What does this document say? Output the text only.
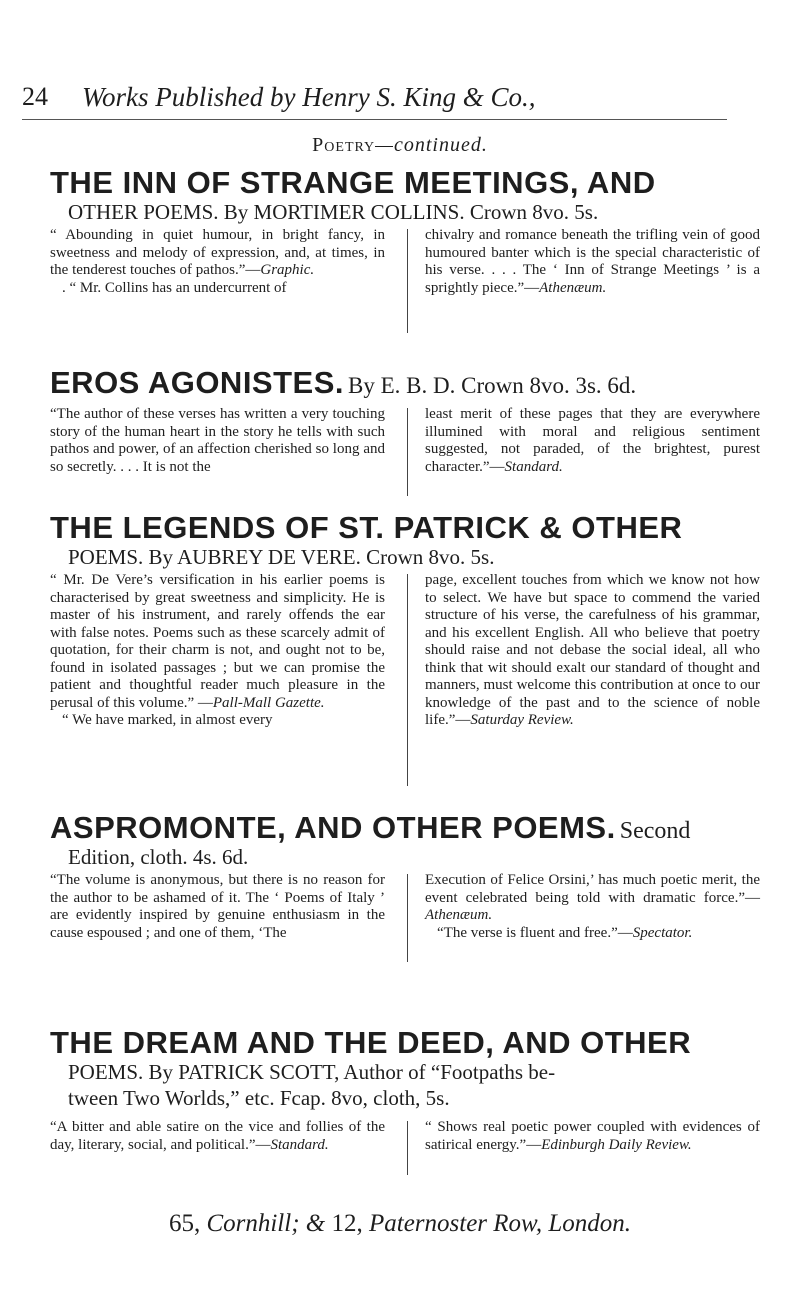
24 Works Published by Henry S. King & Co.,
Poetry—continued.
THE INN OF STRANGE MEETINGS, AND
OTHER POEMS. By MORTIMER COLLINS. Crown 8vo. 5s.
“ Abounding in quiet humour, in bright fancy, in sweetness and melody of expression, and, at times, in the tenderest touches of pathos.”—Graphic.
. “ Mr. Collins has an undercurrent of
chivalry and romance beneath the trifling vein of good humoured banter which is the special characteristic of his verse. . . . The ‘ Inn of Strange Meetings ’ is a sprightly piece.”—Athenæum.
EROS AGONISTES. By E. B. D. Crown 8vo. 3s. 6d.
“The author of these verses has written a very touching story of the human heart in the story he tells with such pathos and power, of an affection cherished so long and so secretly. . . . It is not the
least merit of these pages that they are everywhere illumined with moral and religious sentiment suggested, not paraded, of the brightest, purest character.”—Standard.
THE LEGENDS OF ST. PATRICK & OTHER
POEMS. By AUBREY DE VERE. Crown 8vo. 5s.
“ Mr. De Vere’s versification in his earlier poems is characterised by great sweetness and simplicity. He is master of his instrument, and rarely offends the ear with false notes. Poems such as these scarcely admit of quotation, for their charm is not, and ought not to be, found in isolated passages ; but we can promise the patient and thoughtful reader much pleasure in the perusal of this volume.” —Pall-Mall Gazette.
“ We have marked, in almost every
page, excellent touches from which we know not how to select. We have but space to commend the varied structure of his verse, the carefulness of his grammar, and his excellent English. All who believe that poetry should raise and not debase the social ideal, all who think that wit should exalt our standard of thought and manners, must welcome this contribution at once to our knowledge of the past and to the science of noble life.”—Saturday Review.
ASPROMONTE, AND OTHER POEMS. Second
Edition, cloth. 4s. 6d.
“The volume is anonymous, but there is no reason for the author to be ashamed of it. The ‘ Poems of Italy ’ are evidently inspired by genuine enthusiasm in the cause espoused ; and one of them, ‘The
Execution of Felice Orsini,’ has much poetic merit, the event celebrated being told with dramatic force.”—Athenæum.
“The verse is fluent and free.”—Spectator.
THE DREAM AND THE DEED, AND OTHER
POEMS. By PATRICK SCOTT, Author of “Footpaths be-
tween Two Worlds,” etc. Fcap. 8vo, cloth, 5s.
“A bitter and able satire on the vice and follies of the day, literary, social, and political.”—Standard.
“ Shows real poetic power coupled with evidences of satirical energy.”—Edinburgh Daily Review.
65, Cornhill; & 12, Paternoster Row, London.
